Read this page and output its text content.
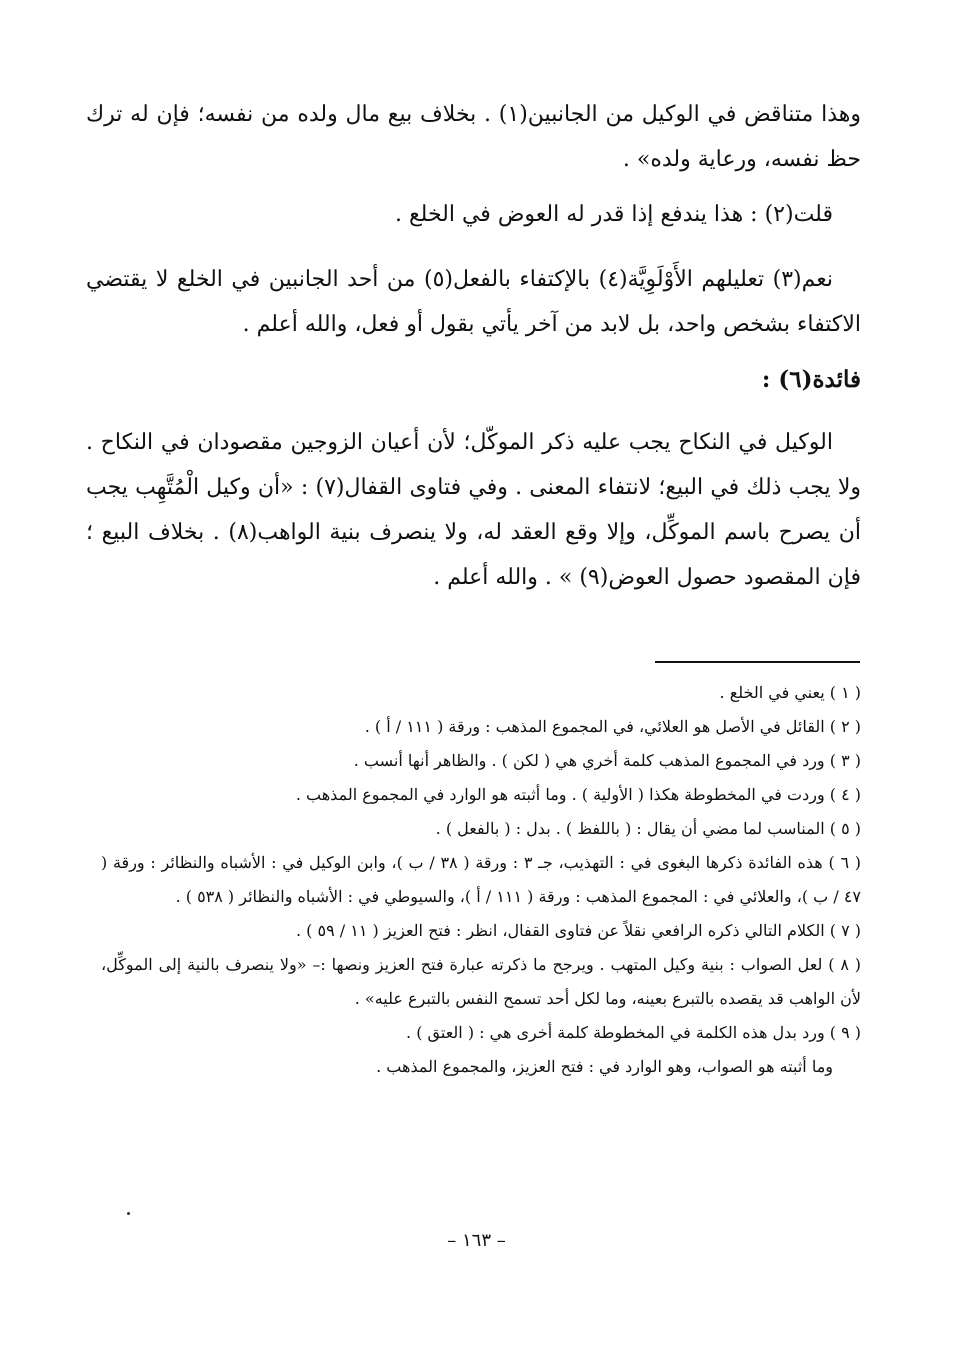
وهذا متناقض في الوكيل من الجانبين(١) . بخلاف بيع مال ولده من نفسه؛ فإن له ترك حظ نفسه، ورعاية ولده» .

قلت(٢) : هذا يندفع إذا قدر له العوض في الخلع .

نعم(٣) تعليلهم الأَوْلَوِيَّة(٤) بالإكتفاء بالفعل(٥) من أحد الجانبين في الخلع لا يقتضي الاكتفاء بشخص واحد، بل لابد من آخر يأتي بقول أو فعل، والله أعلم .

فائدة(٦) :

الوكيل في النكاح يجب عليه ذكر الموكّل؛ لأن أعيان الزوجين مقصودان في النكاح . ولا يجب ذلك في البيع؛ لانتفاء المعنى . وفي فتاوى القفال(٧) : «أن وكيل الْمُتَّهِب يجب أن يصرح باسم الموكِّل، وإلا وقع العقد له، ولا ينصرف بنية الواهب(٨) . بخلاف البيع ؛ فإن المقصود حصول العوض(٩) » . والله أعلم .

( ١ ) يعني في الخلع .

( ٢ ) القائل في الأصل هو العلائي، في المجموع المذهب : ورقة ( ١١١ / أ ) .

( ٣ ) ورد في المجموع المذهب كلمة أخري هي ( لكن ) . والظاهر أنها أنسب .

( ٤ ) وردت في المخطوطة هكذا ( الأولية ) . وما أثبته هو الوارد في المجموع المذهب .

( ٥ ) المناسب لما مضي أن يقال : ( باللفظ ) . بدل : ( بالفعل ) .

( ٦ ) هذه الفائدة ذكرها البغوى في : التهذيب، جـ ٣ : ورقة ( ٣٨ / ب )، وابن الوكيل في : الأشباه والنظائر : ورقة ( ٤٧ / ب )، والعلائي في : المجموع المذهب : ورقة ( ١١١ / أ )، والسيوطي في : الأشباه والنظائر ( ٥٣٨ ) .

( ٧ ) الكلام التالي ذكره الرافعي نقلاً عن فتاوى القفال، انظر : فتح العزيز ( ١١ / ٥٩ ) .

( ٨ ) لعل الصواب : بنية وكيل المتهب . ويرجح ما ذكرته عبارة فتح العزيز ونصها :– «ولا ينصرف بالنية إلى الموكِّل، لأن الواهب قد يقصده بالتبرع بعينه، وما لكل أحد تسمح النفس بالتبرع عليه» .

( ٩ ) ورد بدل هذه الكلمة في المخطوطة كلمة أخرى هي : ( العتق ) .

وما أثبته هو الصواب، وهو الوارد في : فتح العزيز، والمجموع المذهب .

– ١٦٣ –
